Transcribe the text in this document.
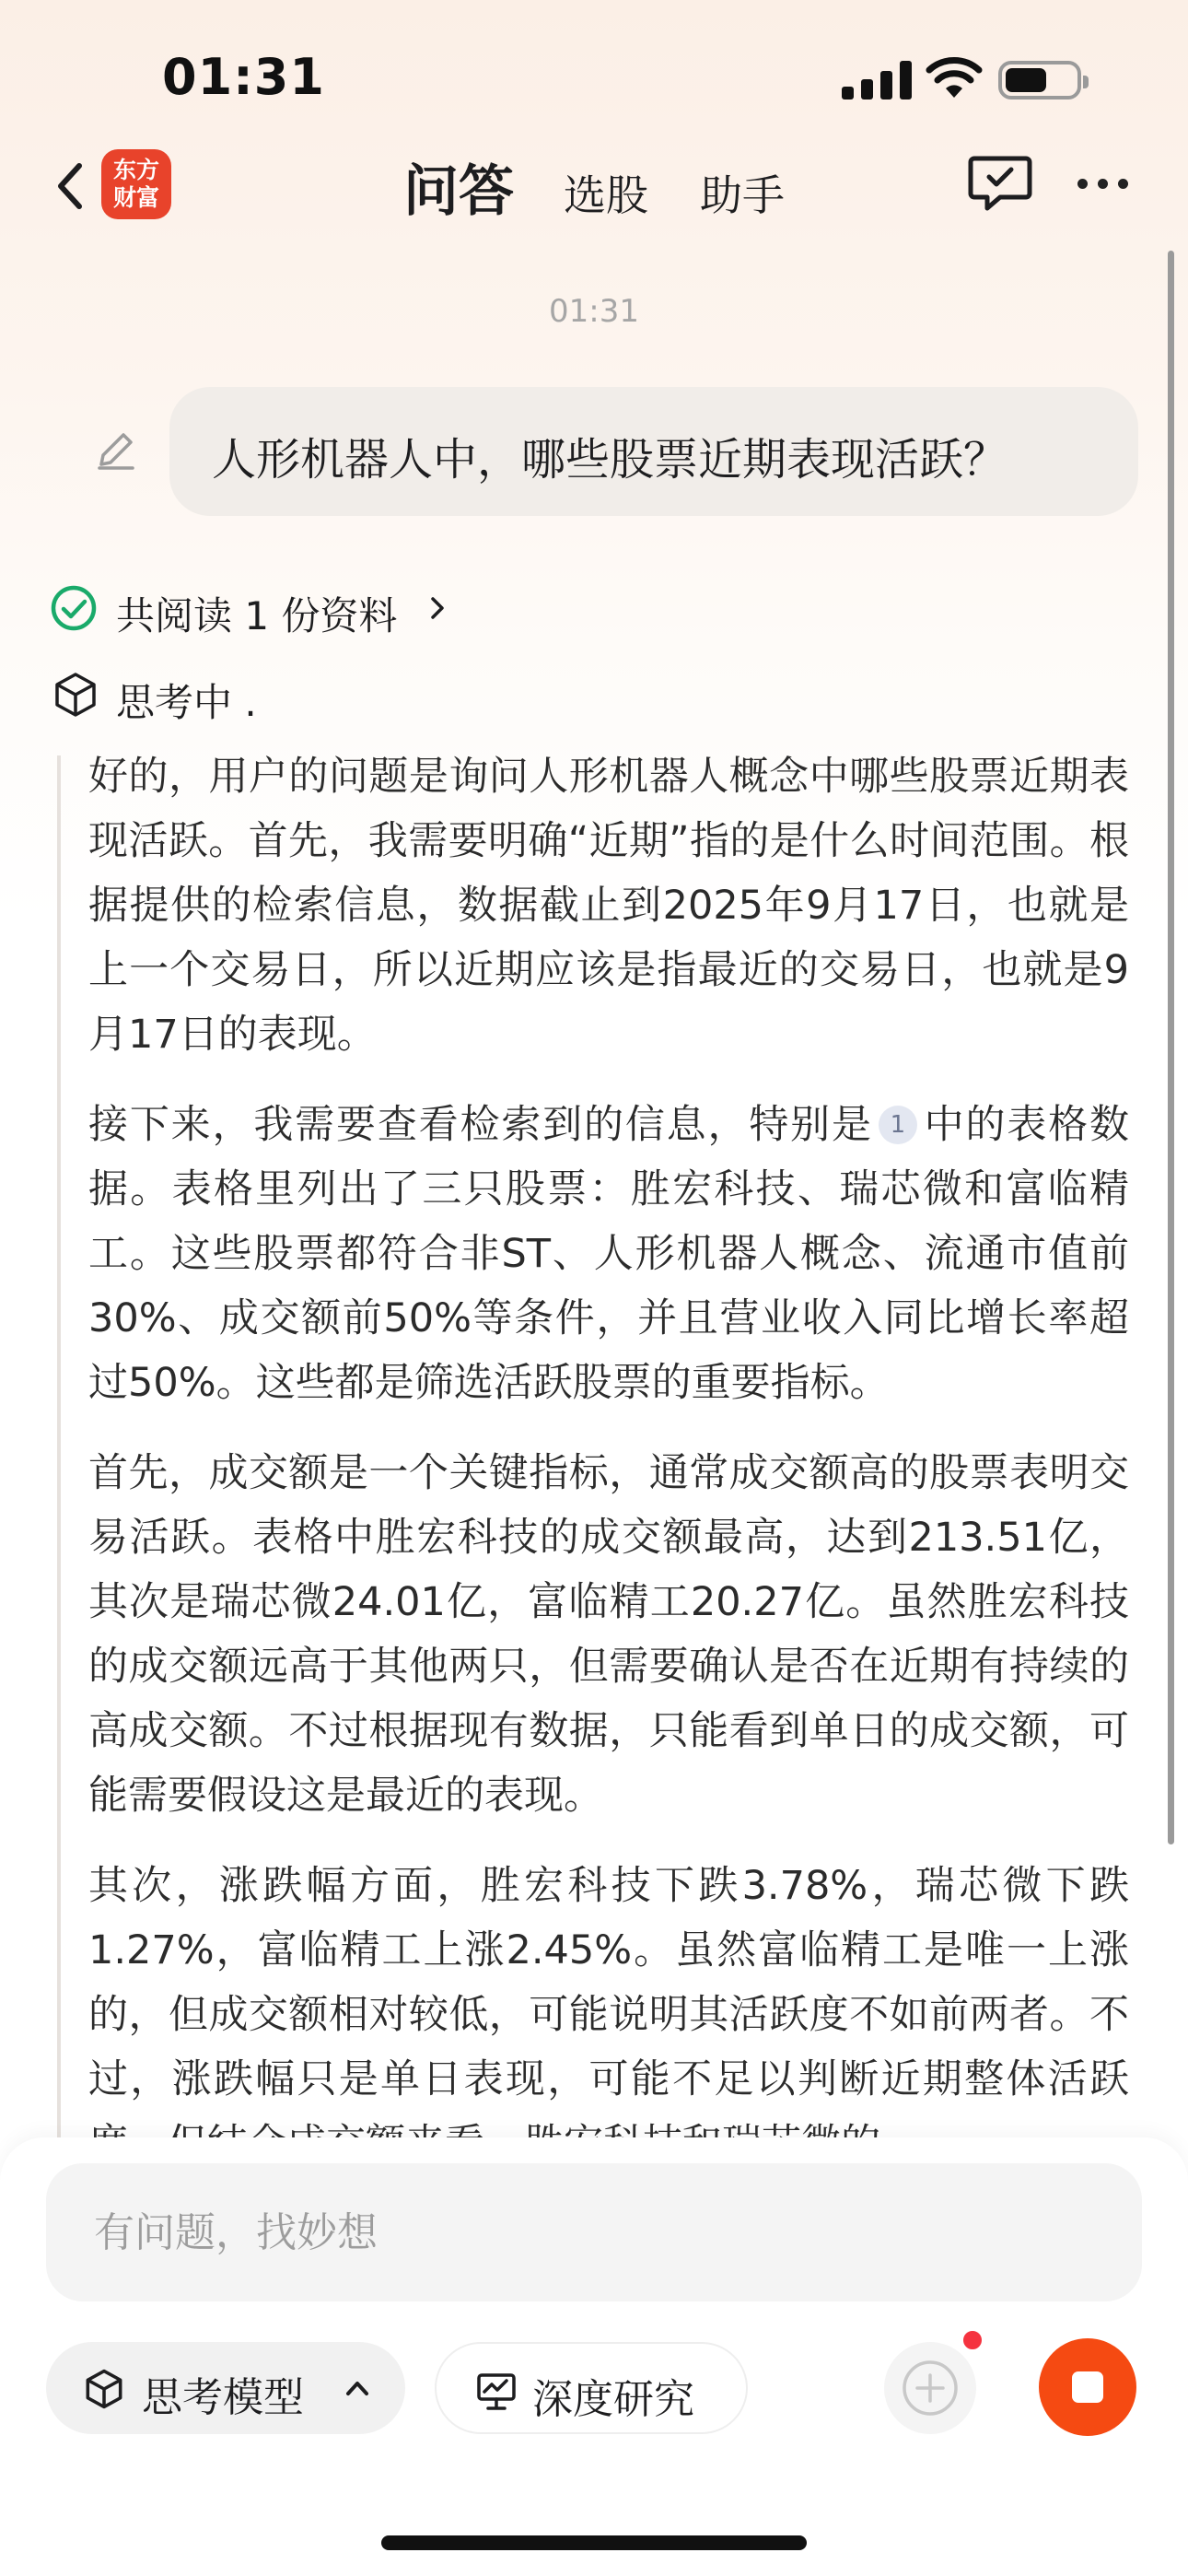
01:31
东方
财富	问答 选股 助手
01:31
人形机器人中，哪些股票近期表现活跃？
共阅读 1 份资料
思考中 .

好的，用户的问题是询问人形机器人概念中哪些股票近期表现活跃。首先，我需要明确“近期”指的是什么时间范围。根据提供的检索信息，数据截止到2025年9月17日，也就是上一个交易日，所以近期应该是指最近的交易日，也就是9月17日的表现。

接下来，我需要查看检索到的信息，特别是 1 中的表格数据。表格里列出了三只股票：胜宏科技、瑞芯微和富临精工。这些股票都符合非ST、人形机器人概念、流通市值前30%、成交额前50%等条件，并且营业收入同比增长率超过50%。这些都是筛选活跃股票的重要指标。

首先，成交额是一个关键指标，通常成交额高的股票表明交易活跃。表格中胜宏科技的成交额最高，达到213.51亿，其次是瑞芯微24.01亿，富临精工20.27亿。虽然胜宏科技的成交额远高于其他两只，但需要确认是否在近期有持续的高成交额。不过根据现有数据，只能看到单日的成交额，可能需要假设这是最近的表现。

其次，涨跌幅方面，胜宏科技下跌3.78%，瑞芯微下跌1.27%，富临精工上涨2.45%。虽然富临精工是唯一上涨的，但成交额相对较低，可能说明其活跃度不如前两者。不过，涨跌幅只是单日表现，可能不足以判断近期整体活跃

有问题，找妙想
思考模型	深度研究
